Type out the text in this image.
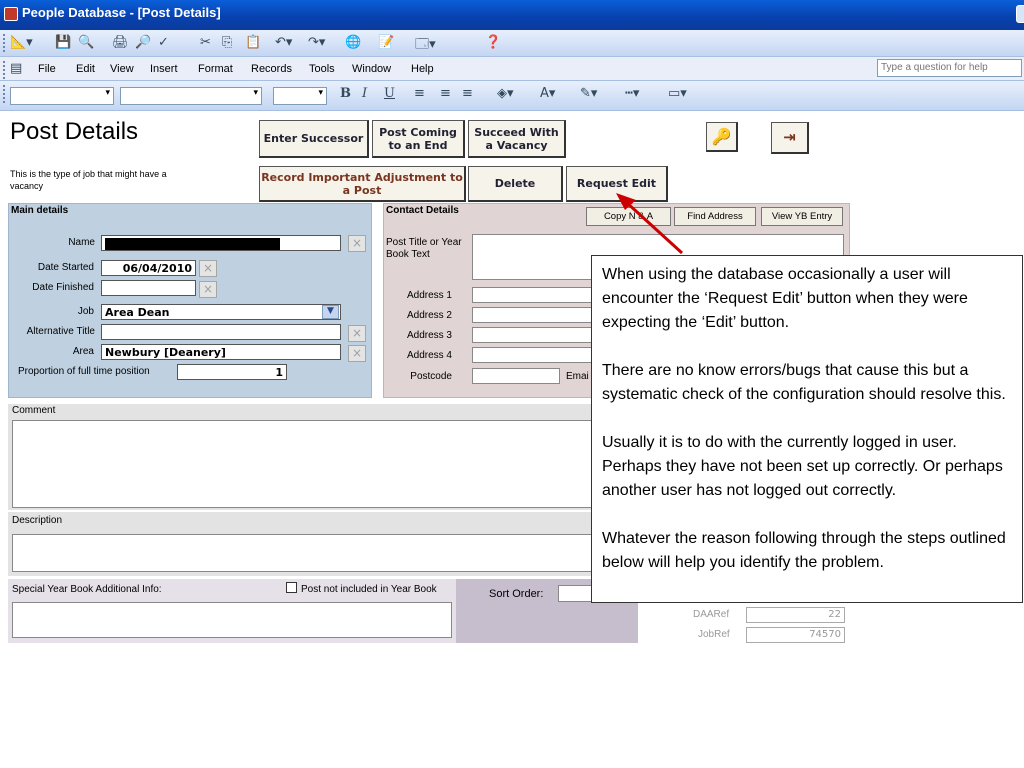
People Database - [Post Details]
📐▾ 💾 🔍 🖨 🔎 ✓ ✂ ⎘ 📋 ↶▾ ↷▾ 🌐 📝 🗔▾	❓
▤ File Edit View Insert Format Records Tools Window Help	Type a question for help
▾	▾	▾	B I U ≡ ≡ ≡ ◈▾ A▾ ✎▾ ┅▾ ▭▾
Post Details
This is the type of job that might have a vacancy
Enter Successor	Post Coming to an End
Succeed With a Vacancy	🔑	⇥
Record Important Adjustment to a Post	Delete	Request Edit
Main details
Name	×
Date Started	06/04/2010 ×
Date Finished	×
Job	Area Dean	▼
Alternative Title	×
Area	Newbury [Deanery]	×
Proportion of full time position	1
Contact Details
Copy N & A	Find Address	View YB Entry
Post Title or Year Book Text
Address 1
Address 2
Address 3
Address 4
Postcode	Emai
Comment
Description
Special Year Book Additional Info:	Post not included in Year Book	Sort Order:
DAARef	22
JobRef	74570

When using the database occasionally a user will encounter the ‘Request Edit’ button when they were expecting the ‘Edit’ button.

There are no know errors/bugs that cause this but a systematic check of the configuration should resolve this.

Usually it is to do with the currently logged in user. Perhaps they have not been set up correctly. Or perhaps another user has not logged out correctly.

Whatever the reason following through the steps outlined below will help you identify the problem.
